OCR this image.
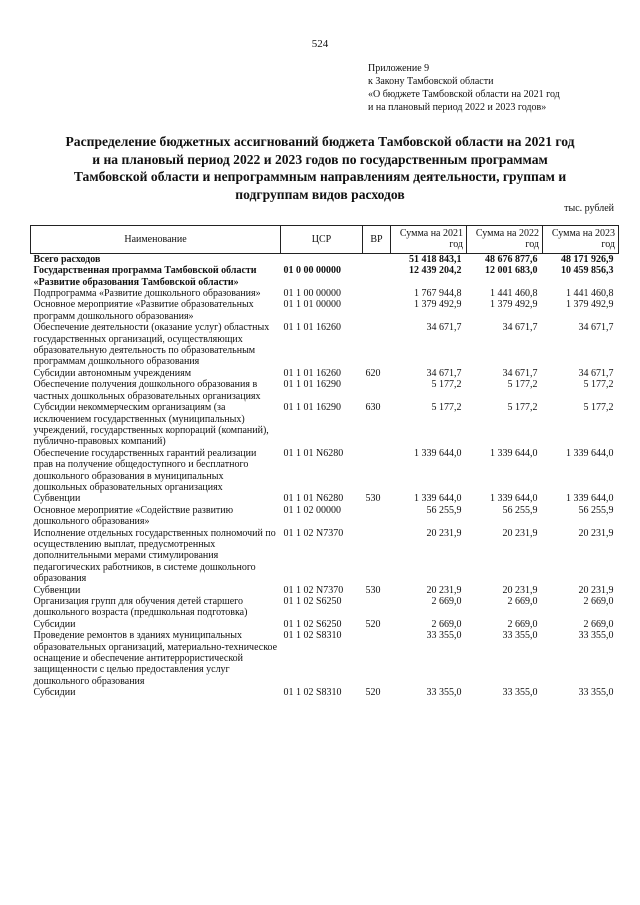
524
Приложение 9
к Закону Тамбовской области
«О бюджете Тамбовской области на 2021 год
и на плановый период 2022 и 2023 годов»
Распределение бюджетных ассигнований бюджета Тамбовской области на 2021 год
и на плановый период 2022 и 2023 годов по государственным программам
Тамбовской области и непрограммным направлениям деятельности, группам и
подгруппам видов расходов
тыс. рублей
Наименование	ЦСР	ВР	Сумма на 2021 год	Сумма на 2022 год	Сумма на 2023 год
Всего расходов			51 418 843,1	48 676 877,6	48 171 926,9
Государственная программа Тамбовской области «Развитие образования Тамбовской области»	01 0 00 00000		12 439 204,2	12 001 683,0	10 459 856,3
Подпрограмма «Развитие дошкольного образования»	01 1 00 00000		1 767 944,8	1 441 460,8	1 441 460,8
Основное мероприятие «Развитие образовательных программ дошкольного образования»	01 1 01 00000		1 379 492,9	1 379 492,9	1 379 492,9
Обеспечение деятельности (оказание услуг) областных государственных организаций, осуществляющих образовательную деятельность по образовательным программам дошкольного образования	01 1 01 16260		34 671,7	34 671,7	34 671,7
Субсидии автономным учреждениям	01 1 01 16260	620	34 671,7	34 671,7	34 671,7
Обеспечение получения дошкольного образования в частных дошкольных образовательных организациях	01 1 01 16290		5 177,2	5 177,2	5 177,2
Субсидии некоммерческим организациям (за исключением государственных (муниципальных) учреждений, государственных корпораций (компаний), публично-правовых компаний)	01 1 01 16290	630	5 177,2	5 177,2	5 177,2
Обеспечение государственных гарантий реализации прав на получение общедоступного и бесплатного дошкольного образования в муниципальных дошкольных образовательных организациях	01 1 01 N6280		1 339 644,0	1 339 644,0	1 339 644,0
Субвенции	01 1 01 N6280	530	1 339 644,0	1 339 644,0	1 339 644,0
Основное мероприятие «Содействие развитию дошкольного образования»	01 1 02 00000		56 255,9	56 255,9	56 255,9
Исполнение отдельных государственных полномочий по осуществлению выплат, предусмотренных дополнительными мерами стимулирования педагогических работников, в системе дошкольного образования	01 1 02 N7370		20 231,9	20 231,9	20 231,9
Субвенции	01 1 02 N7370	530	20 231,9	20 231,9	20 231,9
Организация групп для обучения детей старшего дошкольного возраста (предшкольная подготовка)	01 1 02 S6250		2 669,0	2 669,0	2 669,0
Субсидии	01 1 02 S6250	520	2 669,0	2 669,0	2 669,0
Проведение ремонтов в зданиях муниципальных образовательных организаций, материально-техническое оснащение и обеспечение антитеррористической защищенности с целью предоставления услуг дошкольного образования	01 1 02 S8310		33 355,0	33 355,0	33 355,0
Субсидии	01 1 02 S8310	520	33 355,0	33 355,0	33 355,0
